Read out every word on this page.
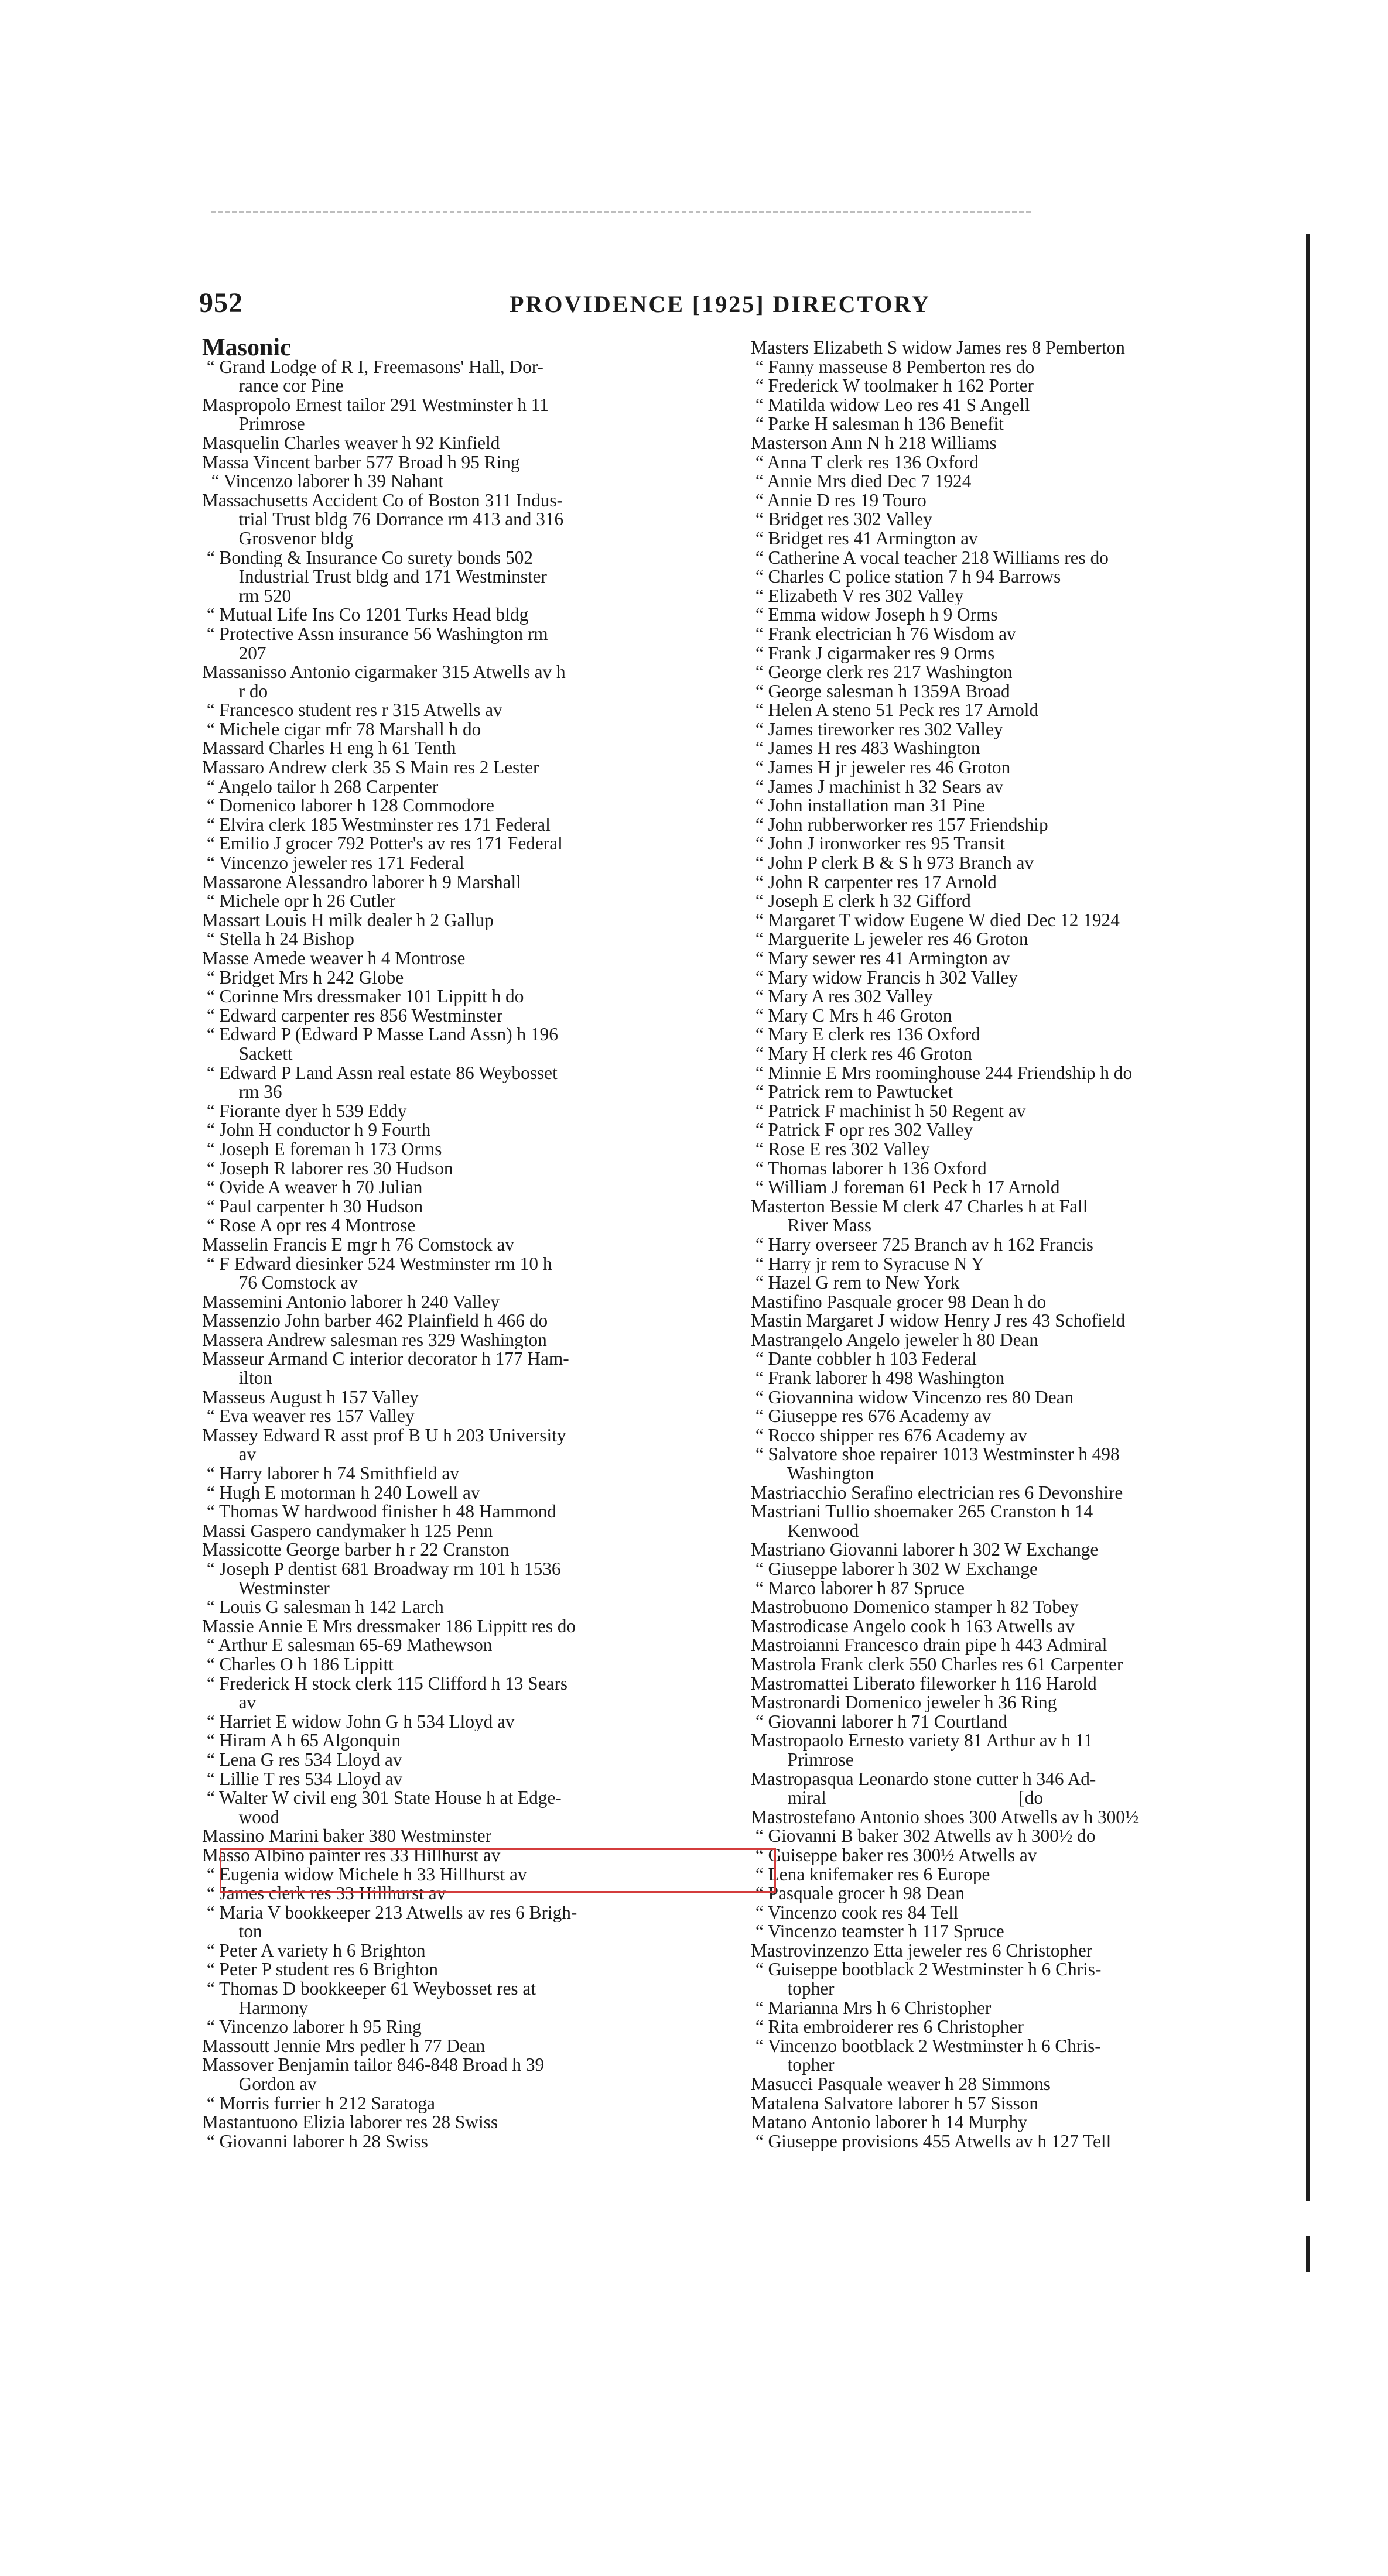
952	PROVIDENCE [1925] DIRECTORY
Masonic
“ Grand Lodge of R I, Freemasons' Hall, Dor-
rance cor Pine
Maspropolo Ernest tailor 291 Westminster h 11
Primrose
Masquelin Charles weaver h 92 Kinfield
Massa Vincent barber 577 Broad h 95 Ring
“ Vincenzo laborer h 39 Nahant
Massachusetts Accident Co of Boston 311 Indus-
trial Trust bldg 76 Dorrance rm 413 and 316
Grosvenor bldg
“ Bonding & Insurance Co surety bonds 502
Industrial Trust bldg and 171 Westminster
rm 520
“ Mutual Life Ins Co 1201 Turks Head bldg
“ Protective Assn insurance 56 Washington rm
207
Massanisso Antonio cigarmaker 315 Atwells av h
r do
“ Francesco student res r 315 Atwells av
“ Michele cigar mfr 78 Marshall h do
Massard Charles H eng h 61 Tenth
Massaro Andrew clerk 35 S Main res 2 Lester
“ Angelo tailor h 268 Carpenter
“ Domenico laborer h 128 Commodore
“ Elvira clerk 185 Westminster res 171 Federal
“ Emilio J grocer 792 Potter's av res 171 Federal
“ Vincenzo jeweler res 171 Federal
Massarone Alessandro laborer h 9 Marshall
“ Michele opr h 26 Cutler
Massart Louis H milk dealer h 2 Gallup
“ Stella h 24 Bishop
Masse Amede weaver h 4 Montrose
“ Bridget Mrs h 242 Globe
“ Corinne Mrs dressmaker 101 Lippitt h do
“ Edward carpenter res 856 Westminster
“ Edward P (Edward P Masse Land Assn) h 196
Sackett
“ Edward P Land Assn real estate 86 Weybosset
rm 36
“ Fiorante dyer h 539 Eddy
“ John H conductor h 9 Fourth
“ Joseph E foreman h 173 Orms
“ Joseph R laborer res 30 Hudson
“ Ovide A weaver h 70 Julian
“ Paul carpenter h 30 Hudson
“ Rose A opr res 4 Montrose
Masselin Francis E mgr h 76 Comstock av
“ F Edward diesinker 524 Westminster rm 10 h
76 Comstock av
Massemini Antonio laborer h 240 Valley
Massenzio John barber 462 Plainfield h 466 do
Massera Andrew salesman res 329 Washington
Masseur Armand C interior decorator h 177 Ham-
ilton
Masseus August h 157 Valley
“ Eva weaver res 157 Valley
Massey Edward R asst prof B U h 203 University
av
“ Harry laborer h 74 Smithfield av
“ Hugh E motorman h 240 Lowell av
“ Thomas W hardwood finisher h 48 Hammond
Massi Gaspero candymaker h 125 Penn
Massicotte George barber h r 22 Cranston
“ Joseph P dentist 681 Broadway rm 101 h 1536
Westminster
“ Louis G salesman h 142 Larch
Massie Annie E Mrs dressmaker 186 Lippitt res do
“ Arthur E salesman 65-69 Mathewson
“ Charles O h 186 Lippitt
“ Frederick H stock clerk 115 Clifford h 13 Sears
av
“ Harriet E widow John G h 534 Lloyd av
“ Hiram A h 65 Algonquin
“ Lena G res 534 Lloyd av
“ Lillie T res 534 Lloyd av
“ Walter W civil eng 301 State House h at Edge-
wood
Massino Marini baker 380 Westminster
Masso Albino painter res 33 Hillhurst av
“ Eugenia widow Michele h 33 Hillhurst av
“ James clerk res 33 Hillhurst av
“ Maria V bookkeeper 213 Atwells av res 6 Brigh-
ton
“ Peter A variety h 6 Brighton
“ Peter P student res 6 Brighton
“ Thomas D bookkeeper 61 Weybosset res at
Harmony
“ Vincenzo laborer h 95 Ring
Massoutt Jennie Mrs pedler h 77 Dean
Massover Benjamin tailor 846-848 Broad h 39
Gordon av
“ Morris furrier h 212 Saratoga
Mastantuono Elizia laborer res 28 Swiss
“ Giovanni laborer h 28 Swiss
Masters Elizabeth S widow James res 8 Pemberton
“ Fanny masseuse 8 Pemberton res do
“ Frederick W toolmaker h 162 Porter
“ Matilda widow Leo res 41 S Angell
“ Parke H salesman h 136 Benefit
Masterson Ann N h 218 Williams
“ Anna T clerk res 136 Oxford
“ Annie Mrs died Dec 7 1924
“ Annie D res 19 Touro
“ Bridget res 302 Valley
“ Bridget res 41 Armington av
“ Catherine A vocal teacher 218 Williams res do
“ Charles C police station 7 h 94 Barrows
“ Elizabeth V res 302 Valley
“ Emma widow Joseph h 9 Orms
“ Frank electrician h 76 Wisdom av
“ Frank J cigarmaker res 9 Orms
“ George clerk res 217 Washington
“ George salesman h 1359A Broad
“ Helen A steno 51 Peck res 17 Arnold
“ James tireworker res 302 Valley
“ James H res 483 Washington
“ James H jr jeweler res 46 Groton
“ James J machinist h 32 Sears av
“ John installation man 31 Pine
“ John rubberworker res 157 Friendship
“ John J ironworker res 95 Transit
“ John P clerk B & S h 973 Branch av
“ John R carpenter res 17 Arnold
“ Joseph E clerk h 32 Gifford
“ Margaret T widow Eugene W died Dec 12 1924
“ Marguerite L jeweler res 46 Groton
“ Mary sewer res 41 Armington av
“ Mary widow Francis h 302 Valley
“ Mary A res 302 Valley
“ Mary C Mrs h 46 Groton
“ Mary E clerk res 136 Oxford
“ Mary H clerk res 46 Groton
“ Minnie E Mrs roominghouse 244 Friendship h do
“ Patrick rem to Pawtucket
“ Patrick F machinist h 50 Regent av
“ Patrick F opr res 302 Valley
“ Rose E res 302 Valley
“ Thomas laborer h 136 Oxford
“ William J foreman 61 Peck h 17 Arnold
Masterton Bessie M clerk 47 Charles h at Fall
River Mass
“ Harry overseer 725 Branch av h 162 Francis
“ Harry jr rem to Syracuse N Y
“ Hazel G rem to New York
Mastifino Pasquale grocer 98 Dean h do
Mastin Margaret J widow Henry J res 43 Schofield
Mastrangelo Angelo jeweler h 80 Dean
“ Dante cobbler h 103 Federal
“ Frank laborer h 498 Washington
“ Giovannina widow Vincenzo res 80 Dean
“ Giuseppe res 676 Academy av
“ Rocco shipper res 676 Academy av
“ Salvatore shoe repairer 1013 Westminster h 498
Washington
Mastriacchio Serafino electrician res 6 Devonshire
Mastriani Tullio shoemaker 265 Cranston h 14
Kenwood
Mastriano Giovanni laborer h 302 W Exchange
“ Giuseppe laborer h 302 W Exchange
“ Marco laborer h 87 Spruce
Mastrobuono Domenico stamper h 82 Tobey
Mastrodicase Angelo cook h 163 Atwells av
Mastroianni Francesco drain pipe h 443 Admiral
Mastrola Frank clerk 550 Charles res 61 Carpenter
Mastromattei Liberato fileworker h 116 Harold
Mastronardi Domenico jeweler h 36 Ring
“ Giovanni laborer h 71 Courtland
Mastropaolo Ernesto variety 81 Arthur av h 11
Primrose
Mastropasqua Leonardo stone cutter h 346 Ad-
miral                                          [do
Mastrostefano Antonio shoes 300 Atwells av h 300½
“ Giovanni B baker 302 Atwells av h 300½ do
“ Guiseppe baker res 300½ Atwells av
“ Lena knifemaker res 6 Europe
“ Pasquale grocer h 98 Dean
“ Vincenzo cook res 84 Tell
“ Vincenzo teamster h 117 Spruce
Mastrovinzenzo Etta jeweler res 6 Christopher
“ Guiseppe bootblack 2 Westminster h 6 Chris-
topher
“ Marianna Mrs h 6 Christopher
“ Rita embroiderer res 6 Christopher
“ Vincenzo bootblack 2 Westminster h 6 Chris-
topher
Masucci Pasquale weaver h 28 Simmons
Matalena Salvatore laborer h 57 Sisson
Matano Antonio laborer h 14 Murphy
“ Giuseppe provisions 455 Atwells av h 127 Tell
